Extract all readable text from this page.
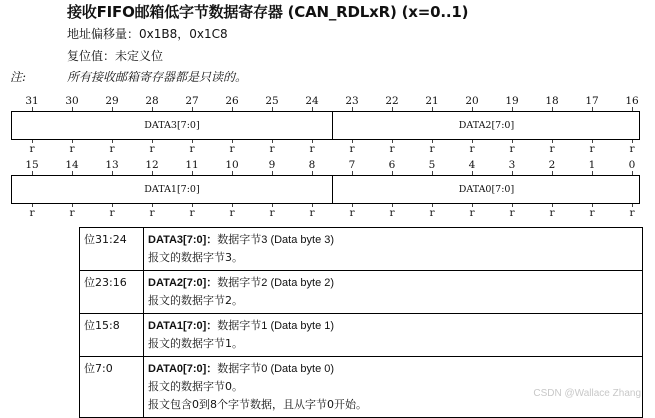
接收FIFO邮箱低字节数据寄存器 (CAN_RDLxR) (x=0..1)
地址偏移量：0x1B8，0x1C8
复位值：未定义位
注:	所有接收邮箱寄存器都是只读的。
31	30	29	28	27	26	25	24	23	22	21	20	19	18	17	16
DATA3[7:0]	DATA2[7:0]
r	r	r	r	r	r	r	r	r	r	r	r	r	r	r	r
15	14	13	12	11	10	9	8	7	6	5	4	3	2	1	0
DATA1[7:0]	DATA0[7:0]
r	r	r	r	r	r	r	r	r	r	r	r	r	r	r	r
位31:24	DATA3[7:0]：数据字节3 (Data byte 3)
报文的数据字节3。

位23:16	DATA2[7:0]：数据字节2 (Data byte 2)
报文的数据字节2。

位15:8	DATA1[7:0]：数据字节1 (Data byte 1)
报文的数据字节1。

位7:0	DATA0[7:0]：数据字节0 (Data byte 0)
报文的数据字节0。
报文包含0到8个字节数据，且从字节0开始。
CSDN @Wallace Zhang
